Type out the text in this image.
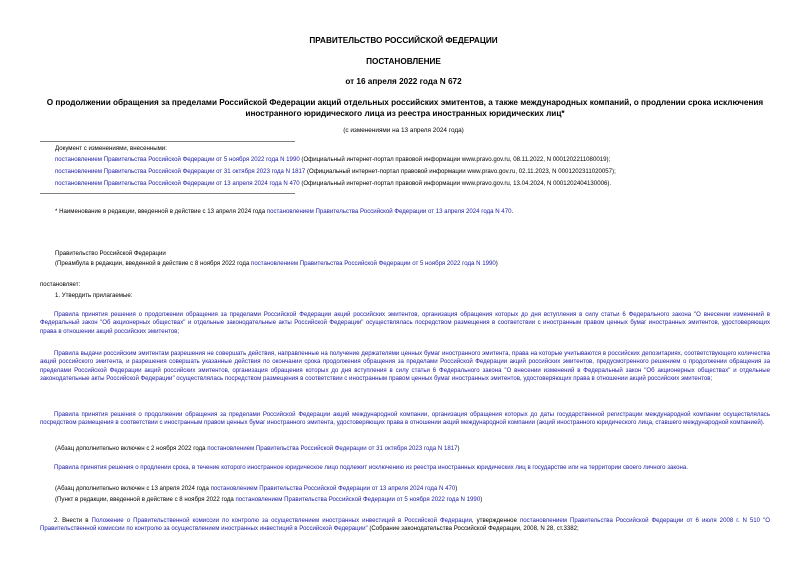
ПРАВИТЕЛЬСТВО РОССИЙСКОЙ ФЕДЕРАЦИИ
ПОСТАНОВЛЕНИЕ
от 16 апреля 2022 года N 672
О продолжении обращения за пределами Российской Федерации акций отдельных российских эмитентов, а также международных компаний, о продлении срока исключения иностранного юридического лица из реестра иностранных юридических лиц*
(с изменениями на 13 апреля 2024 года)
Документ с изменениями, внесенными:
постановлением Правительства Российской Федерации от 5 ноября 2022 года N 1990 (Официальный интернет-портал правовой информации www.pravo.gov.ru, 08.11.2022, N 0001202211080019);
постановлением Правительства Российской Федерации от 31 октября 2023 года N 1817 (Официальный интернет-портал правовой информации www.pravo.gov.ru, 02.11.2023, N 0001202311020057);
постановлением Правительства Российской Федерации от 13 апреля 2024 года N 470 (Официальный интернет-портал правовой информации www.pravo.gov.ru, 13.04.2024, N 0001202404130006).
* Наименование в редакции, введенной в действие с 13 апреля 2024 года постановлением Правительства Российской Федерации от 13 апреля 2024 года N 470.
Правительство Российской Федерации
(Преамбула в редакции, введенной в действие с 8 ноября 2022 года постановлением Правительства Российской Федерации от 5 ноября 2022 года N 1990)
постановляет:
1. Утвердить прилагаемые:
Правила принятия решения о продолжении обращения за пределами Российской Федерации акций российских эмитентов, организация обращения которых до дня вступления в силу статьи 6 Федерального закона "О внесении изменений в Федеральный закон "Об акционерных обществах" и отдельные законодательные акты Российской Федерации" осуществлялась посредством размещения в соответствии с иностранным правом ценных бумаг иностранных эмитентов, удостоверяющих права в отношении акций российских эмитентов;
Правила выдачи российским эмитентам разрешения не совершать действия, направленные на получение держателями ценных бумаг иностранного эмитента, права на которые учитываются в российских депозитариях, соответствующего количества акций российского эмитента, и разрешения совершать указанные действия по окончании срока продолжения обращения за пределами Российской Федерации акций российских эмитентов, предусмотренного решением о продолжении обращения за пределами Российской Федерации акций российских эмитентов, организация обращения которых до дня вступления в силу статьи 6 Федерального закона "О внесении изменений в Федеральный закон "Об акционерных обществах" и отдельные законодательные акты Российской Федерации" осуществлялась посредством размещения в соответствии с иностранным правом ценных бумаг иностранных эмитентов, удостоверяющих права в отношении акций российских эмитентов;
Правила принятия решения о продолжении обращения за пределами Российской Федерации акций международной компании, организация обращения которых до даты государственной регистрации международной компании осуществлялась посредством размещения в соответствии с иностранным правом ценных бумаг иностранного эмитента, удостоверяющих права в отношении акций международной компании (акций иностранного юридического лица, ставшего международной компанией).
(Абзац дополнительно включен с 2 ноября 2022 года постановлением Правительства Российской Федерации от 31 октября 2023 года N 1817)
Правила принятия решения о продлении срока, в течение которого иностранное юридическое лицо подлежит исключению из реестра иностранных юридических лиц в государстве или на территории своего личного закона.
(Абзац дополнительно включен с 13 апреля 2024 года постановлением Правительства Российской Федерации от 13 апреля 2024 года N 470)
(Пункт в редакции, введенной в действие с 8 ноября 2022 года постановлением Правительства Российской Федерации от 5 ноября 2022 года N 1990)
2. Внести в Положение о Правительственной комиссии по контролю за осуществлением иностранных инвестиций в Российской Федерации, утвержденное постановлением Правительства Российской Федерации от 6 июля 2008 г. N 510 "О Правительственной комиссии по контролю за осуществлением иностранных инвестиций в Российской Федерации" (Собрание законодательства Российской Федерации, 2008, N 28, ст.3382;
